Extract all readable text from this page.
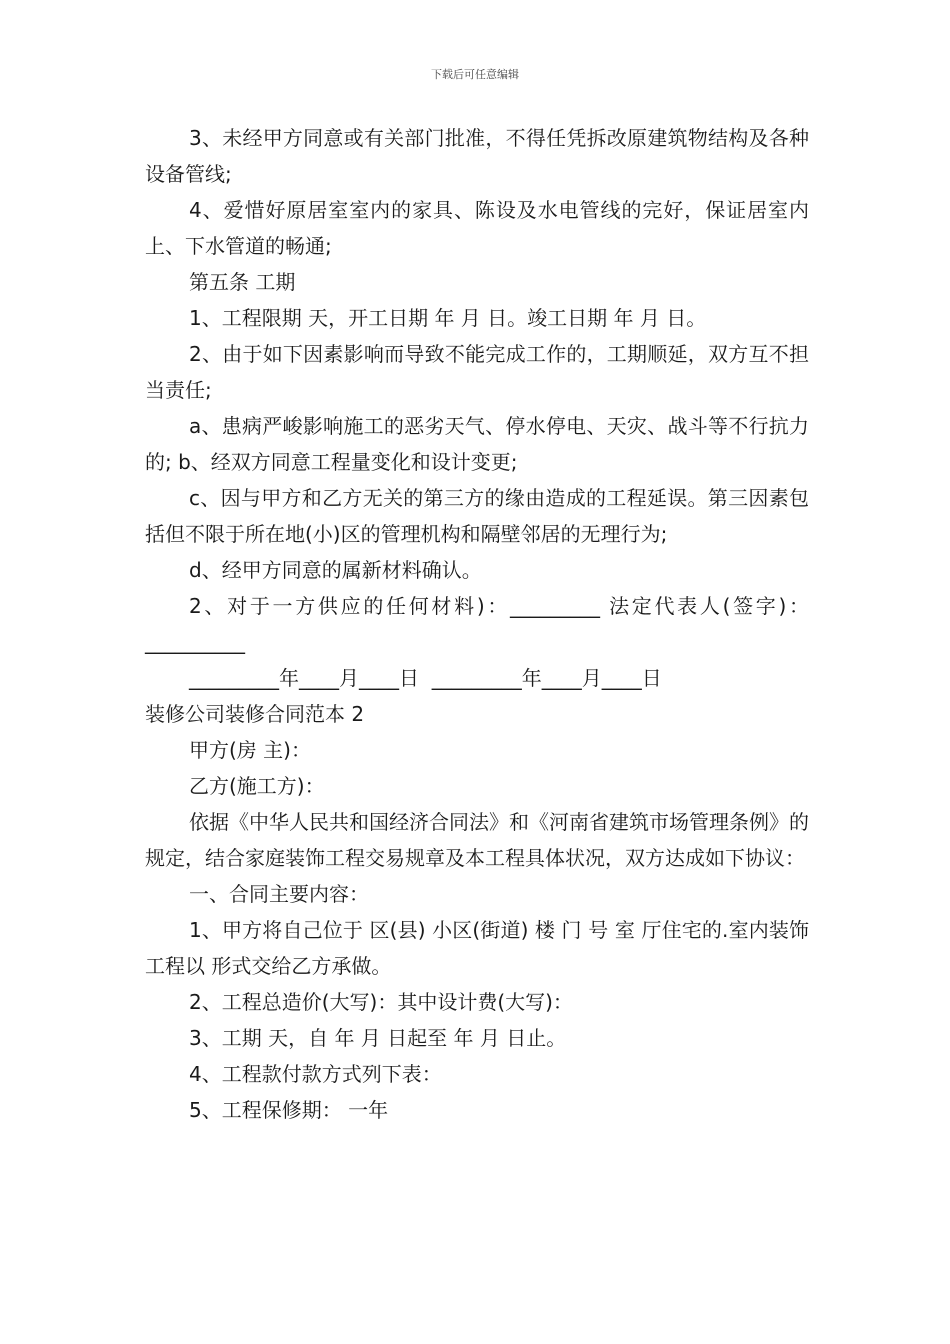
下载后可任意编辑

3、未经甲方同意或有关部门批准，不得任凭拆改原建筑物结构及各种设备管线;

4、爱惜好原居室室内的家具、陈设及水电管线的完好，保证居室内上、下水管道的畅通;

第五条 工期

1、工程限期 天，开工日期 年 月 日。竣工日期 年 月 日。

2、由于如下因素影响而导致不能完成工作的，工期顺延，双方互不担当责任;

a、患病严峻影响施工的恶劣天气、停水停电、天灾、战斗等不行抗力的; b、经双方同意工程量变化和设计变更;

c、因与甲方和乙方无关的第三方的缘由造成的工程延误。第三因素包括但不限于所在地(小)区的管理机构和隔壁邻居的无理行为;

d、经甲方同意的属新材料确认。

2、对于一方供应的任何材料)：_________ 法定代表人(签字)：__________

_________年____月____日  _________年____月____日

装修公司装修合同范本 2

甲方(房 主)：

乙方(施工方)：

依据《中华人民共和国经济合同法》和《河南省建筑市场管理条例》的规定，结合家庭装饰工程交易规章及本工程具体状况，双方达成如下协议：

一、合同主要内容：

1、甲方将自己位于 区(县) 小区(街道) 楼 门 号 室 厅住宅的.室内装饰工程以 形式交给乙方承做。

2、工程总造价(大写)：其中设计费(大写)：

3、工期 天，自 年 月 日起至 年 月 日止。

4、工程款付款方式列下表：

5、工程保修期： 一年
